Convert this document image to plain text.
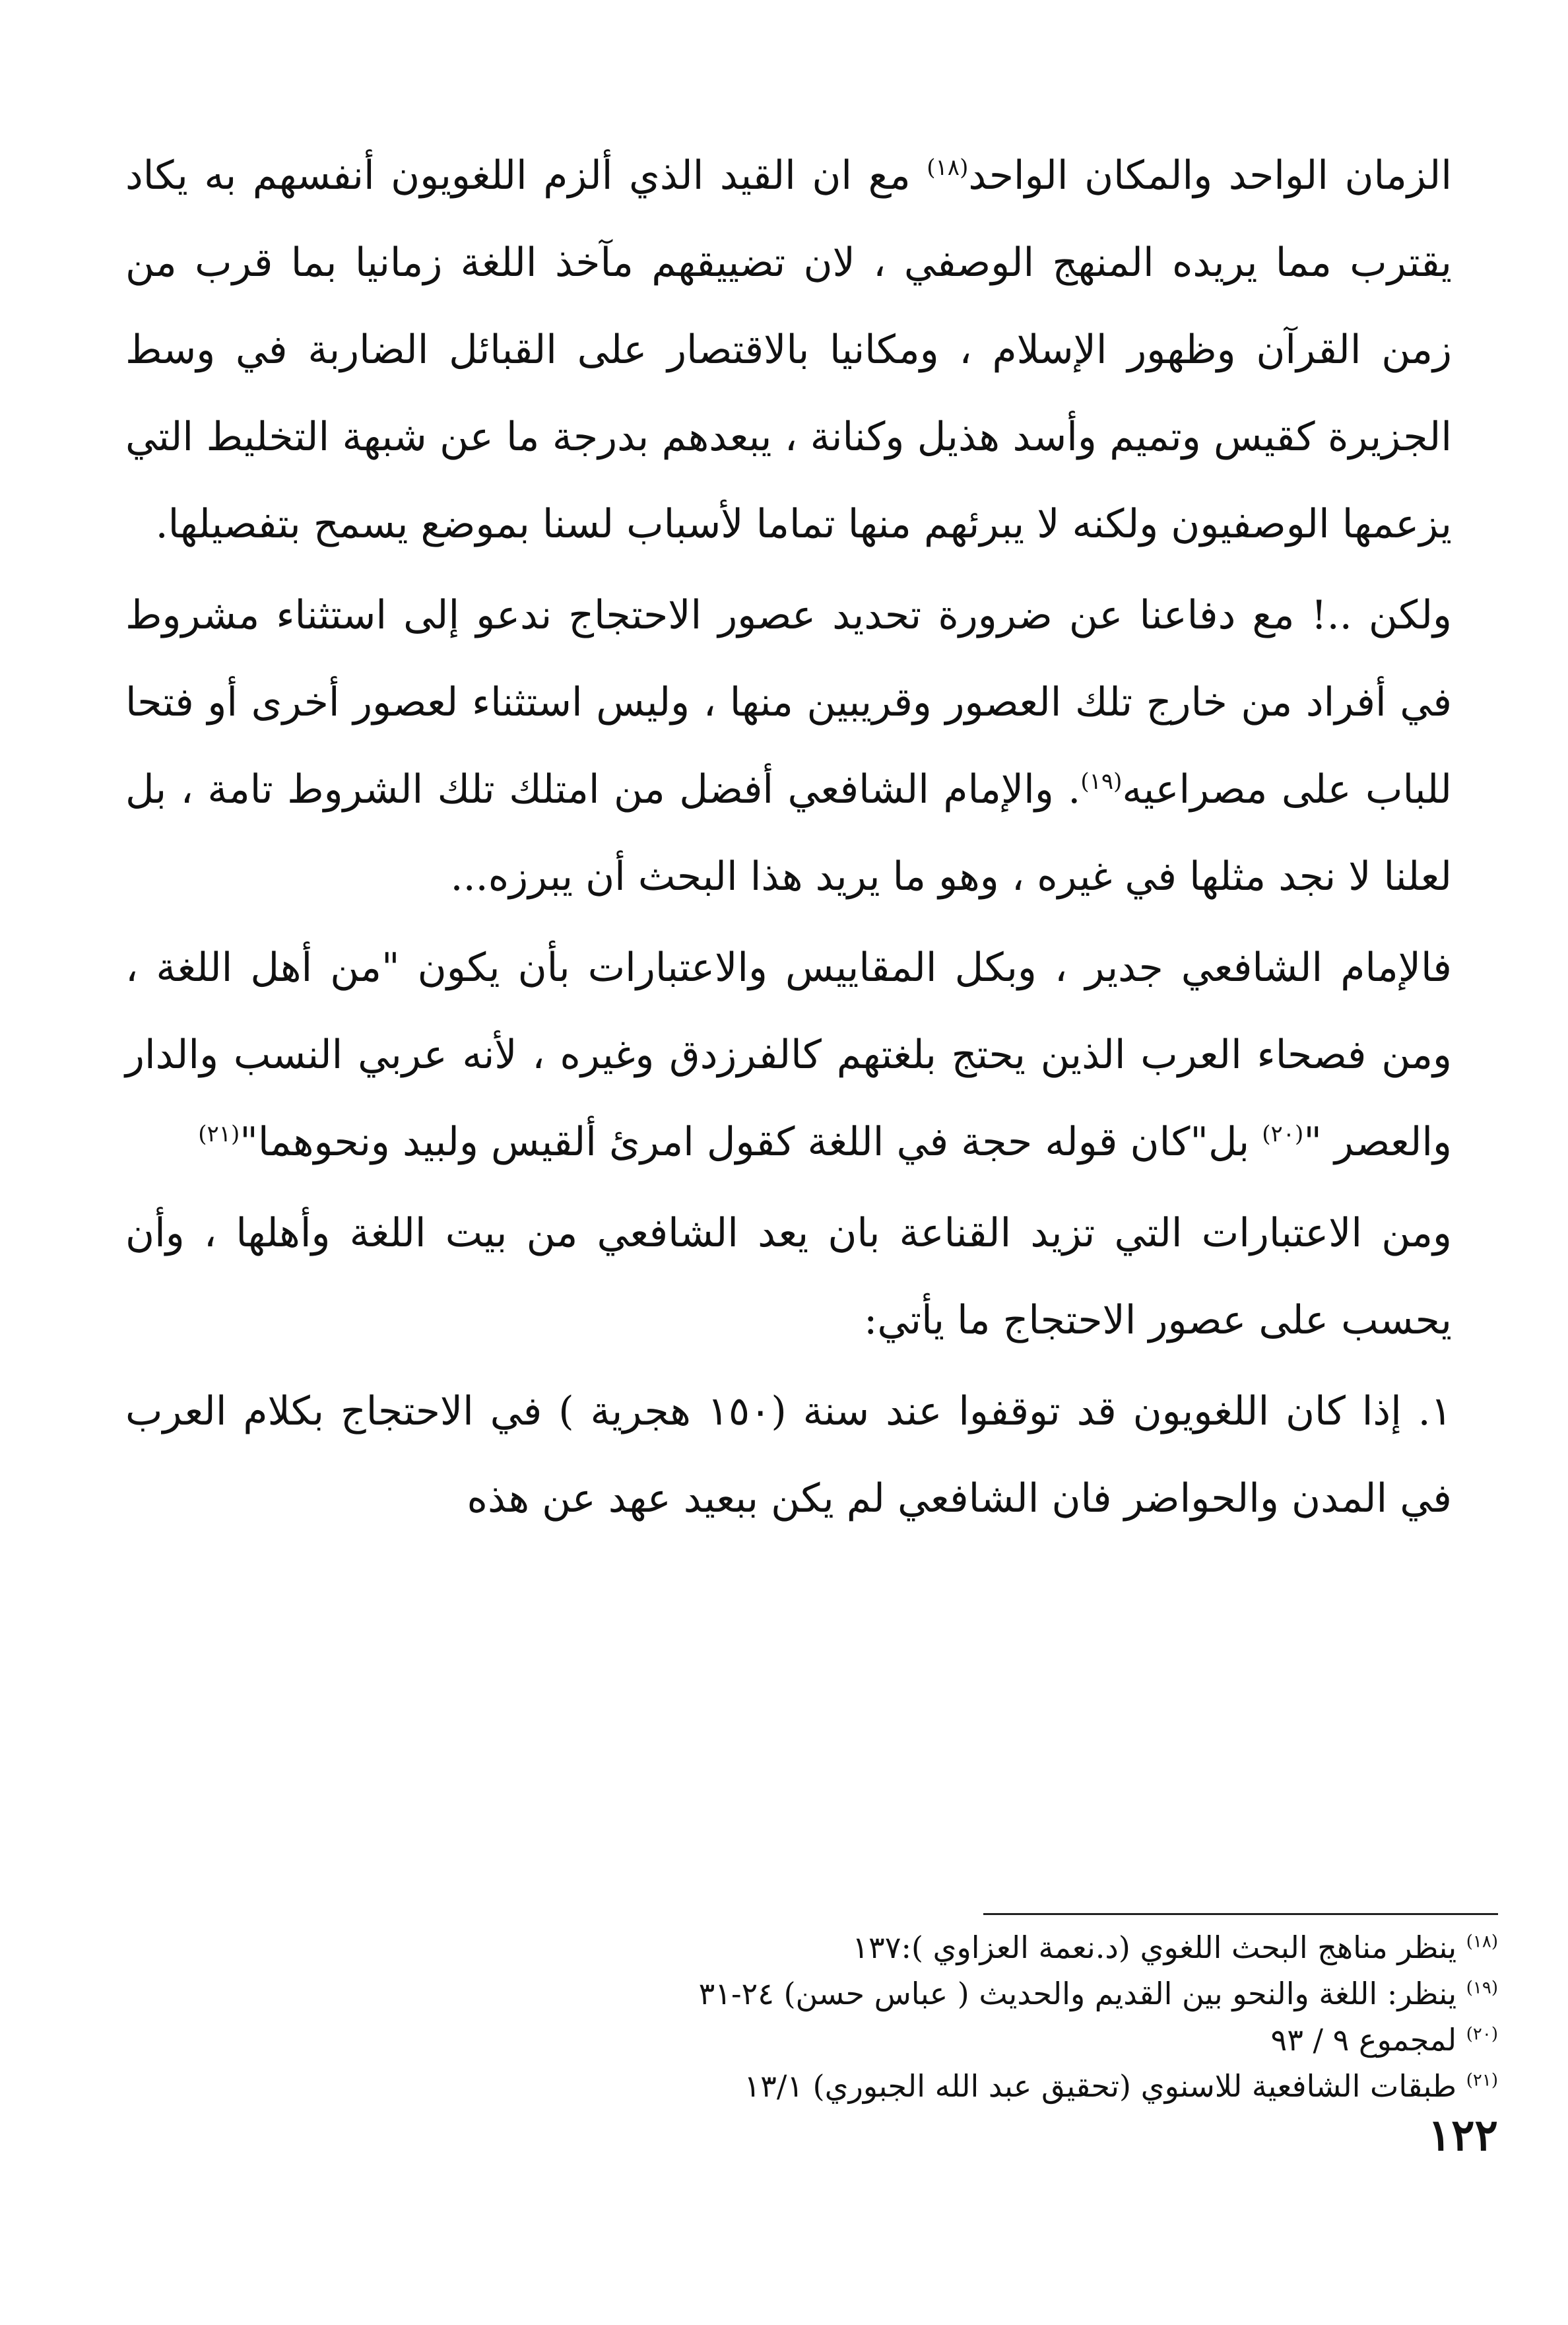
الزمان الواحد والمكان الواحد$^{(١٨)}$ مع ان القيد الذي ألزم اللغويون أنفسهم به يكاد يقترب مما يريده المنهج الوصفي ، لان تضييقهم مآخذ اللغة زمانيا بما قرب من زمن القرآن وظهور الإسلام ، ومكانيا بالاقتصار على القبائل الضاربة في وسط الجزيرة كقيس وتميم وأسد هذيل وكنانة ، يبعدهم بدرجة ما عن شبهة التخليط التي يزعمها الوصفيون ولكنه لا يبرئهم منها تماما لأسباب لسنا بموضع يسمح بتفصيلها.

ولكن ..! مع دفاعنا عن ضرورة تحديد عصور الاحتجاج ندعو إلى استثناء مشروط في أفراد من خارج تلك العصور وقريبين منها ، وليس استثناء لعصور أخرى أو فتحا للباب على مصراعيه$^{(١٩)}$. والإمام الشافعي أفضل من امتلك تلك الشروط تامة ، بل لعلنا لا نجد مثلها في غيره ، وهو ما يريد هذا البحث أن يبرزه...

فالإمام الشافعي جدير ، وبكل المقاييس والاعتبارات بأن يكون "من أهل اللغة ، ومن فصحاء العرب الذين يحتج بلغتهم كالفرزدق وغيره ، لأنه عربي النسب والدار والعصر "$^{(٢٠)}$ بل"كان قوله حجة في اللغة كقول امرئ ألقيس ولبيد ونحوهما"$^{(٢١)}$

ومن الاعتبارات التي تزيد القناعة بان يعد الشافعي من بيت اللغة وأهلها ، وأن يحسب على عصور الاحتجاج ما يأتي:

١. إذا كان اللغويون قد توقفوا عند سنة (١٥٠ هجرية ) في الاحتجاج بكلام العرب في المدن والحواضر فان الشافعي لم يكن ببعيد عهد عن هذه

$^{(١٨)}$ ينظر مناهج البحث اللغوي (د.نعمة العزاوي ):١٣٧
$^{(١٩)}$ ينظر: اللغة والنحو بين القديم والحديث ( عباس حسن) ٢٤-٣١
$^{(٢٠)}$ لمجموع ٩ / ٩٣
$^{(٢١)}$ طبقات الشافعية للاسنوي (تحقيق عبد الله الجبوري) ١٣/١
١٢٢
